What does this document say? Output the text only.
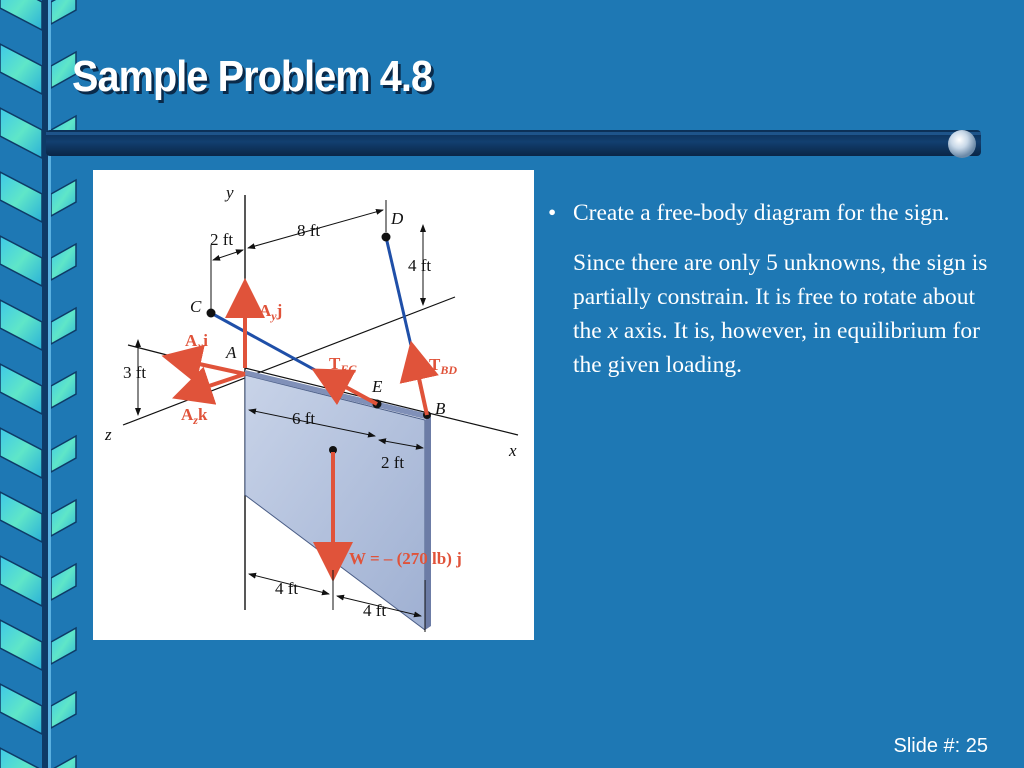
Sample Problem 4.8
y
x
z
C
D
A
E
B
2 ft	8 ft
4 ft
3 ft
6 ft
2 ft
4 ft
4 ft
$A_yj$
$A_xi$
$A_zk$
$T_{EC}$	$T_{BD}$
W = – (270 lb) j
• Create a free-body diagram for the sign.
Since there are only 5 unknowns, the sign is partially constrain. It is free to rotate about the x axis. It is, however, in equilibrium for the given loading.
Slide #: 25
